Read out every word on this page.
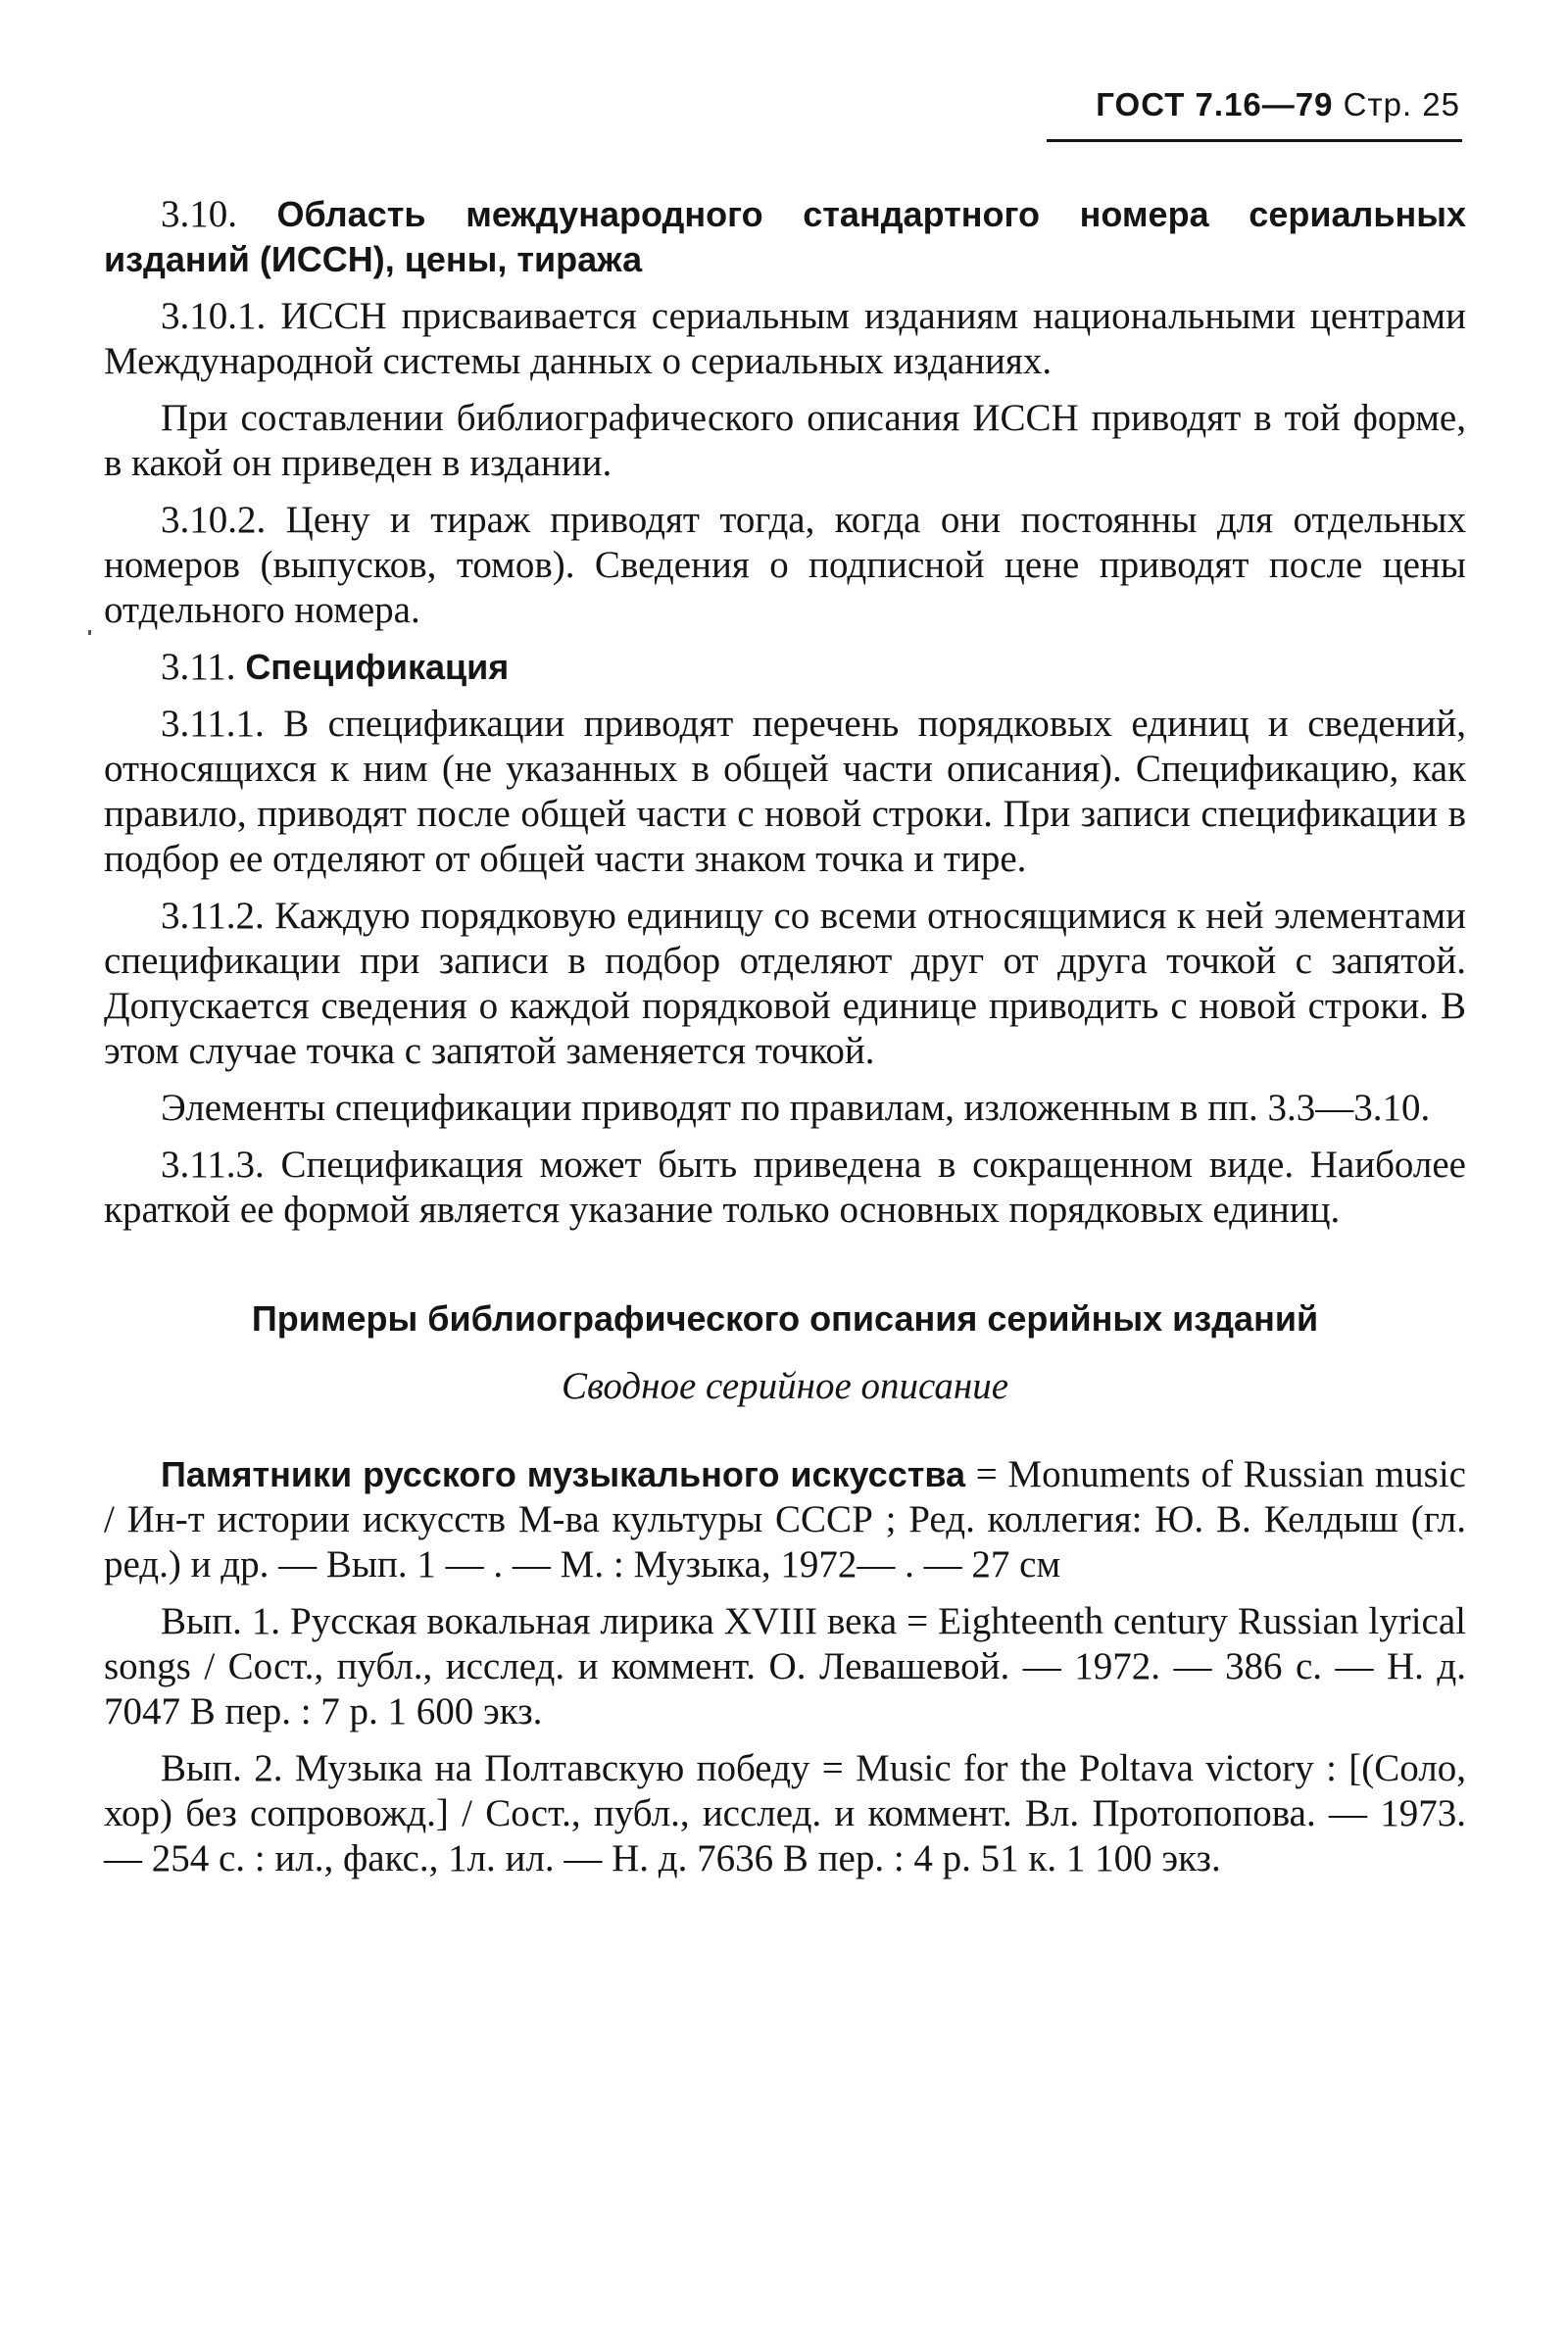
ГОСТ 7.16—79 Стр. 25

3.10. Область международного стандартного номера сериальных изданий (ИССН), цены, тиража

3.10.1. ИССН присваивается сериальным изданиям национальными центрами Международной системы данных о сериальных изданиях.

При составлении библиографического описания ИССН приводят в той форме, в какой он приведен в издании.

3.10.2. Цену и тираж приводят тогда, когда они постоянны для отдельных номеров (выпусков, томов). Сведения о подписной цене приводят после цены отдельного номера.

3.11. Спецификация

3.11.1. В спецификации приводят перечень порядковых единиц и сведений, относящихся к ним (не указанных в общей части описания). Спецификацию, как правило, приводят после общей части с новой строки. При записи спецификации в подбор ее отделяют от общей части знаком точка и тире.

3.11.2. Каждую порядковую единицу со всеми относящимися к ней элементами спецификации при записи в подбор отделяют друг от друга точкой с запятой. Допускается сведения о каждой порядковой единице приводить с новой строки. В этом случае точка с запятой заменяется точкой.

Элементы спецификации приводят по правилам, изложенным в пп. 3.3—3.10.

3.11.3. Спецификация может быть приведена в сокращенном виде. Наиболее краткой ее формой является указание только основных порядковых единиц.

Примеры библиографического описания серийных изданий

Сводное серийное описание

Памятники русского музыкального искусства = Monuments of Russian music / Ин-т истории искусств М-ва культуры СССР ; Ред. коллегия: Ю. В. Келдыш (гл. ред.) и др. — Вып. 1 — . — М. : Музыка, 1972— . — 27 см

Вып. 1. Русская вокальная лирика XVIII века = Eighteenth century Russian lyrical songs / Сост., публ., исслед. и коммент. О. Левашевой. — 1972. — 386 с. — Н. д. 7047 В пер. : 7 р. 1 600 экз.

Вып. 2. Музыка на Полтавскую победу = Music for the Poltava victory : [(Соло, хор) без сопровожд.] / Сост., публ., исслед. и коммент. Вл. Протопопова. — 1973. — 254 с. : ил., факс., 1л. ил. — Н. д. 7636 В пер. : 4 р. 51 к. 1 100 экз.
